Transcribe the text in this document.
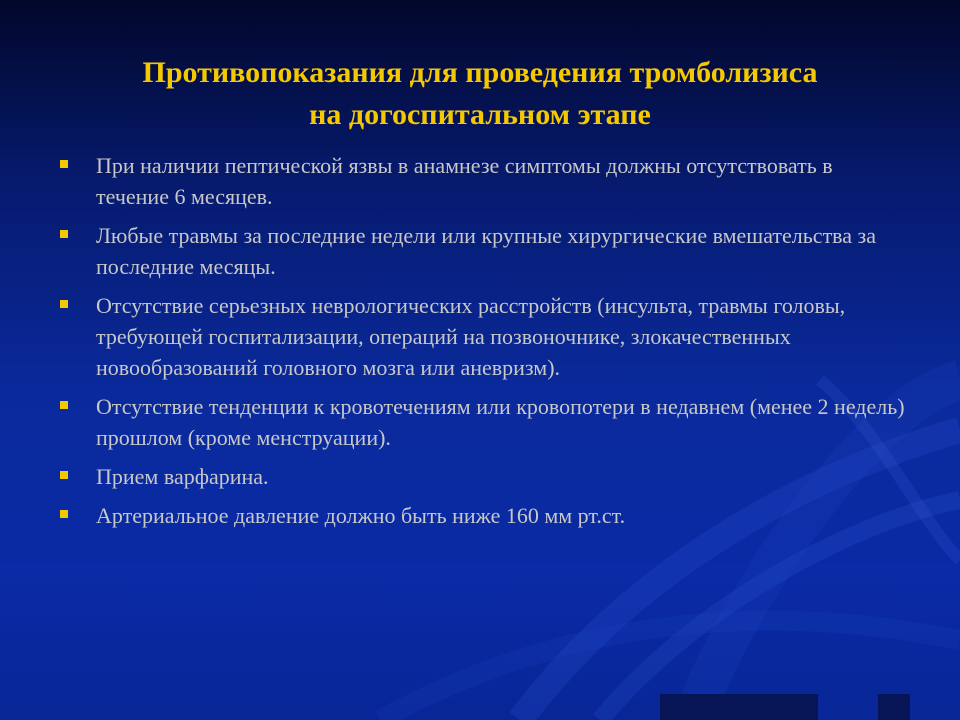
Противопоказания для проведения тромболизиса
на догоспитальном этапе
При наличии пептической язвы в анамнезе симптомы должны отсутствовать в течение 6 месяцев.
Любые травмы за последние недели или крупные хирургические вмешательства за последние месяцы.
Отсутствие серьезных неврологических расстройств (инсульта, травмы головы, требующей госпитализации, операций на позвоночнике, злокачественных новообразований головного мозга или аневризм).
Отсутствие тенденции к кровотечениям или кровопотери в недавнем (менее 2 недель) прошлом (кроме менструации).
Прием варфарина.
Артериальное давление должно быть ниже 160 мм рт.ст.
